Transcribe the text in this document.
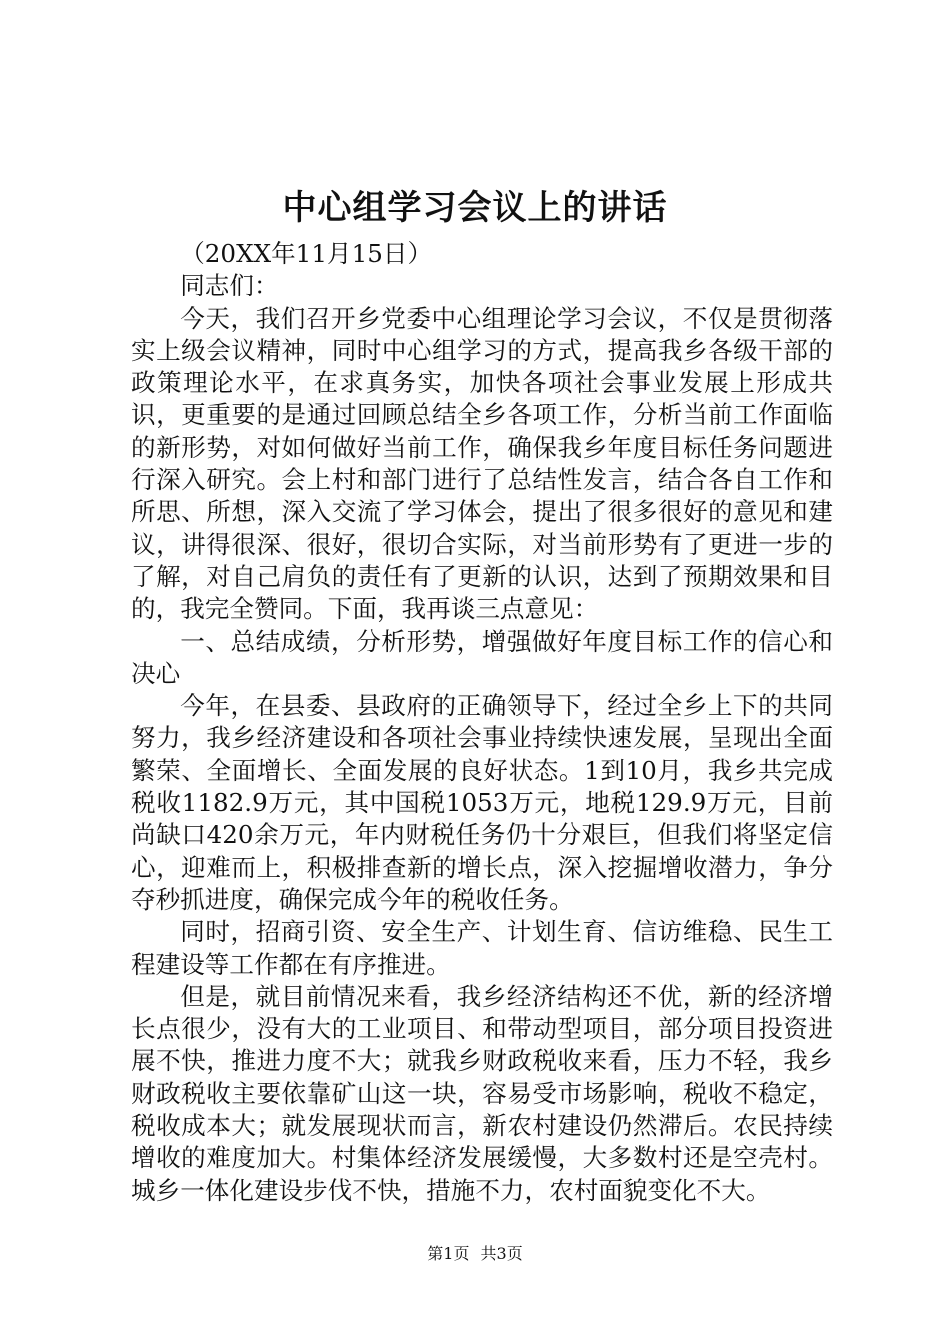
中心组学习会议上的讲话

（20XX年11月15日）

同志们：

今天，我们召开乡党委中心组理论学习会议，不仅是贯彻落实上级会议精神，同时中心组学习的方式，提高我乡各级干部的政策理论水平，在求真务实，加快各项社会事业发展上形成共识，更重要的是通过回顾总结全乡各项工作，分析当前工作面临的新形势，对如何做好当前工作，确保我乡年度目标任务问题进行深入研究。会上村和部门进行了总结性发言，结合各自工作和所思、所想，深入交流了学习体会，提出了很多很好的意见和建议，讲得很深、很好，很切合实际，对当前形势有了更进一步的了解，对自己肩负的责任有了更新的认识，达到了预期效果和目的，我完全赞同。下面，我再谈三点意见：

一、总结成绩，分析形势，增强做好年度目标工作的信心和决心

今年，在县委、县政府的正确领导下，经过全乡上下的共同努力，我乡经济建设和各项社会事业持续快速发展，呈现出全面繁荣、全面增长、全面发展的良好状态。1到10月，我乡共完成税收1182.9万元，其中国税1053万元，地税129.9万元，目前尚缺口420余万元，年内财税任务仍十分艰巨，但我们将坚定信心，迎难而上，积极排查新的增长点，深入挖掘增收潜力，争分夺秒抓进度，确保完成今年的税收任务。

同时，招商引资、安全生产、计划生育、信访维稳、民生工程建设等工作都在有序推进。

但是，就目前情况来看，我乡经济结构还不优，新的经济增长点很少，没有大的工业项目、和带动型项目，部分项目投资进展不快，推进力度不大；就我乡财政税收来看，压力不轻，我乡财政税收主要依靠矿山这一块，容易受市场影响，税收不稳定，税收成本大；就发展现状而言，新农村建设仍然滞后。农民持续增收的难度加大。村集体经济发展缓慢，大多数村还是空壳村。城乡一体化建设步伐不快，措施不力，农村面貌变化不大。

第1页 共3页
